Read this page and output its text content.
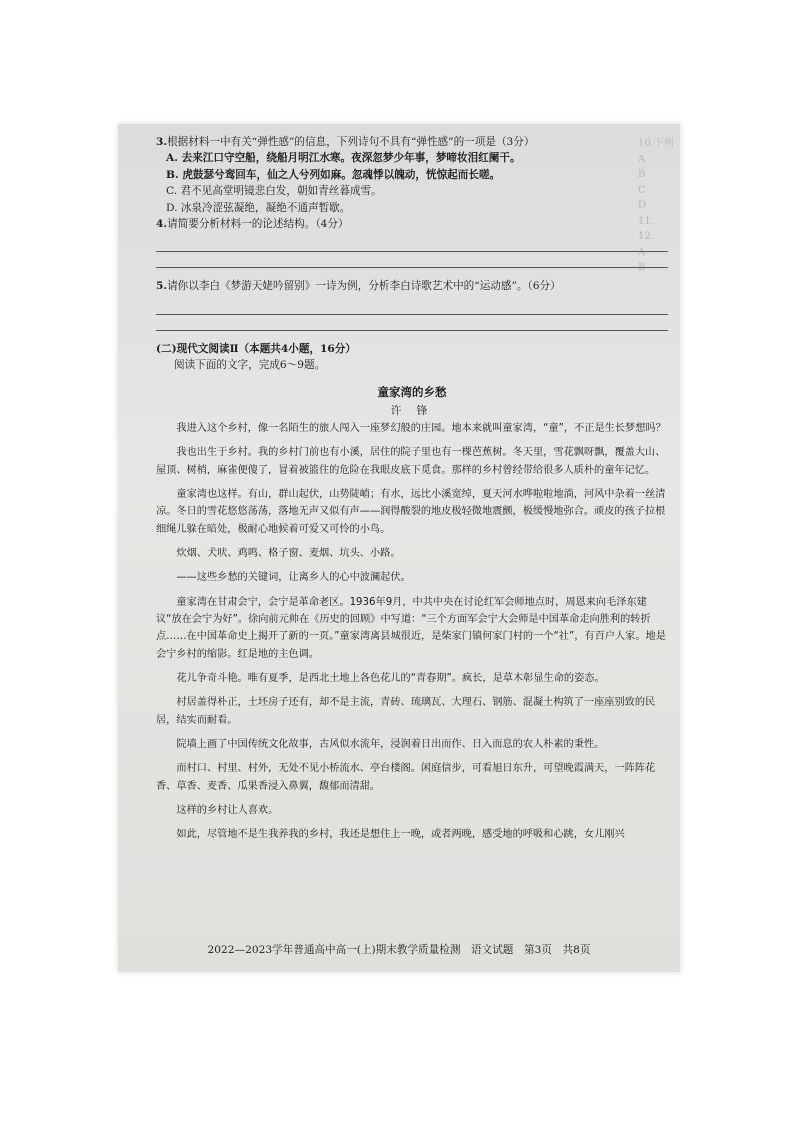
10.下列
A
B
C
D
11.
12.
A
B

3.根据材料一中有关“弹性感”的信息，下列诗句不具有“弹性感”的一项是（3分）

A. 去来江口守空船，绕船月明江水寒。夜深忽梦少年事，梦啼妆泪红阑干。

B. 虎鼓瑟兮鸾回车，仙之人兮列如麻。忽魂悸以魄动，恍惊起而长嗟。

C. 君不见高堂明镜悲白发，朝如青丝暮成雪。

D. 冰泉冷涩弦凝绝，凝绝不通声暂歇。

4.请简要分析材料一的论述结构。（4分）

5.请你以李白《梦游天姥吟留别》一诗为例，分析李白诗歌艺术中的“运动感”。（6分）

(二)现代文阅读Ⅱ（本题共4小题，16分）
阅读下面的文字，完成6～9题。
童家湾的乡愁
许 锋

我进入这个乡村，像一名陌生的旅人闯入一座梦幻般的庄园。地本来就叫童家湾，“童”，不正是生长梦想吗？

我也出生于乡村。我的乡村门前也有小溪，居住的院子里也有一棵芭蕉树。冬天里，雪花飘呀飘，覆盖大山、屋顶、树梢，麻雀便傻了，冒着被篮住的危险在我眼皮底下觅食。那样的乡村曾经带给很多人质朴的童年记忆。

童家湾也这样。有山，群山起伏，山势陡峭；有水，远比小溪宽绰，夏天河水哗啦啦地淌，河风中杂着一丝清凉。冬日的雪花悠悠荡荡，落地无声又似有声——润得酸裂的地皮极轻微地震颤，极缓慢地弥合。顽皮的孩子拉根细绳儿躲在暗处，极耐心地候着可爱又可怜的小鸟。

炊烟、犬吠、鸡鸣、格子窗、麦烟、坑头、小路。

——这些乡愁的关键词，让离乡人的心中波澜起伏。

童家湾在甘肃会宁，会宁是革命老区。1936年9月，中共中央在讨论红军会师地点时，周恩来向毛泽东建议“放在会宁为好”。徐向前元帅在《历史的回顾》中写道：“三个方面军会宁大会师是中国革命走向胜利的转折点……在中国革命史上揭开了新的一页。”童家湾离县城很近，是柴家门镇何家门村的一个“社”，有百户人家。地是会宁乡村的缩影。红是地的主色调。

花儿争奇斗艳。唯有夏季，是西北土地上各色花儿的“青春期”。疯长，是草木彰显生命的姿态。

村居盖得朴正，土坯房子还有，却不是主流，青砖、琉璃瓦、大理石、钢筋、混凝土构筑了一座座别致的民居，结实而耐看。

院墙上画了中国传统文化故事，古风似水流年，浸润着日出而作、日入而息的农人朴素的秉性。

而村口、村里、村外，无处不见小桥流水、亭台楼阁。闲庭信步，可看旭日东升，可望晚霞满天，一阵阵花香、草香、麦香、瓜果香浸入鼻翼，馥郁而清甜。

这样的乡村让人喜欢。

如此，尽管地不是生我养我的乡村，我还是想住上一晚，或者两晚，感受地的呼吸和心跳，女儿刚兴

2022—2023学年普通高中高一(上)期末教学质量检测　语文试题　第3页　共8页
